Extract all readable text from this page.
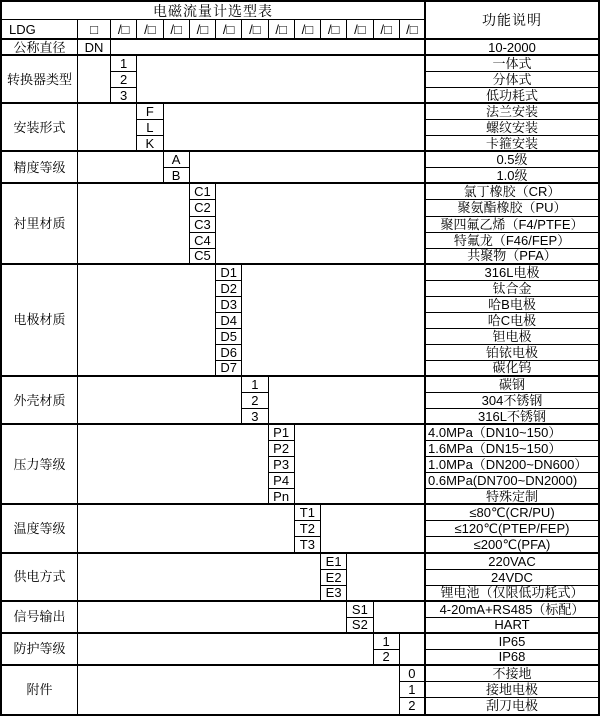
电磁流量计选型表
功能说明
LDG	□	/□	/□	/□	/□	/□	/□	/□	/□	/□	/□	/□	/□
公称直径	DN	10-2000
转换器类型
1	一体式
2	分体式
3	低功耗式
安装形式
F	法兰安装
L	螺纹安装
K	卡箍安装
精度等级
A	0.5级
B	1.0级
衬里材质
C1	氯丁橡胶（CR）
C2	聚氨酯橡胶（PU）
C3	聚四氟乙烯（F4/PTFE）
C4	特氟龙（F46/FEP）
C5	共聚物（PFA）
电极材质
D1	316L电极
D2	钛合金
D3	哈B电极
D4	哈C电极
D5	钽电极
D6	铂铱电极
D7	碳化钨
外壳材质
1	碳钢
2	304不锈钢
3	316L不锈钢
压力等级
P1	4.0MPa（DN10~150）
P2	1.6MPa（DN15~150）
P3	1.0MPa（DN200~DN600）
P4	0.6MPa(DN700~DN2000)
Pn	特殊定制
温度等级
T1	≤80℃(CR/PU)
T2	≤120℃(PTEP/FEP)
T3	≤200℃(PFA)
供电方式
E1	220VAC
E2	24VDC
E3	锂电池（仅限低功耗式）
信号输出
S1	4-20mA+RS485（标配）
S2	HART
防护等级
1	IP65
2	IP68
附件
0	不接地
1	接地电极
2	刮刀电极
